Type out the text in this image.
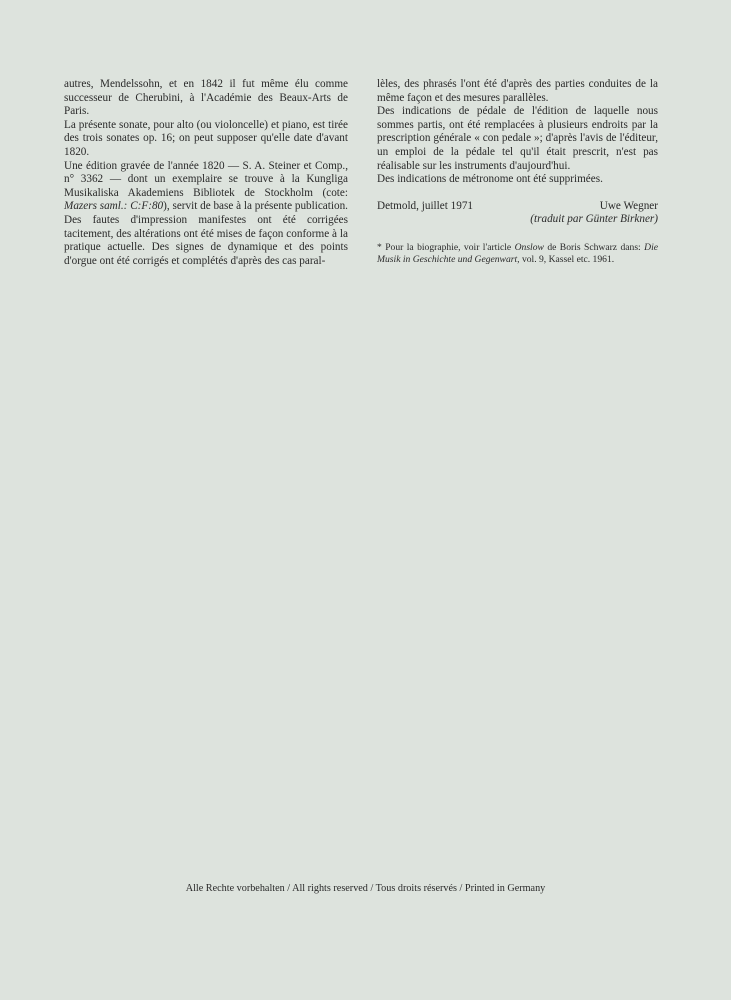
autres, Mendelssohn, et en 1842 il fut même élu comme successeur de Cherubini, à l'Académie des Beaux-Arts de Paris.

La présente sonate, pour alto (ou violoncelle) et piano, est tirée des trois sonates op. 16; on peut supposer qu'elle date d'avant 1820.

Une édition gravée de l'année 1820 — S. A. Steiner et Comp., n° 3362 — dont un exemplaire se trouve à la Kungliga Musikaliska Akademiens Bibliotek de Stockholm (cote: Mazers saml.: C:F:80), servit de base à la présente publication.

Des fautes d'impression manifestes ont été corrigées tacitement, des altérations ont été mises de façon conforme à la pratique actuelle. Des signes de dynamique et des points d'orgue ont été corrigés et complétés d'après des cas paral-

lèles, des phrasés l'ont été d'après des parties conduites de la même façon et des mesures parallèles.

Des indications de pédale de l'édition de laquelle nous sommes partis, ont été remplacées à plusieurs endroits par la prescription générale « con pedale »; d'après l'avis de l'éditeur, un emploi de la pédale tel qu'il était prescrit, n'est pas réalisable sur les instruments d'aujourd'hui.

Des indications de métronome ont été supprimées.

Detmold, juillet 1971	Uwe Wegner
(traduit par Günter Birkner)
* Pour la biographie, voir l'article Onslow de Boris Schwarz dans: Die Musik in Geschichte und Gegenwart, vol. 9, Kassel etc. 1961.
Alle Rechte vorbehalten / All rights reserved / Tous droits réservés / Printed in Germany
